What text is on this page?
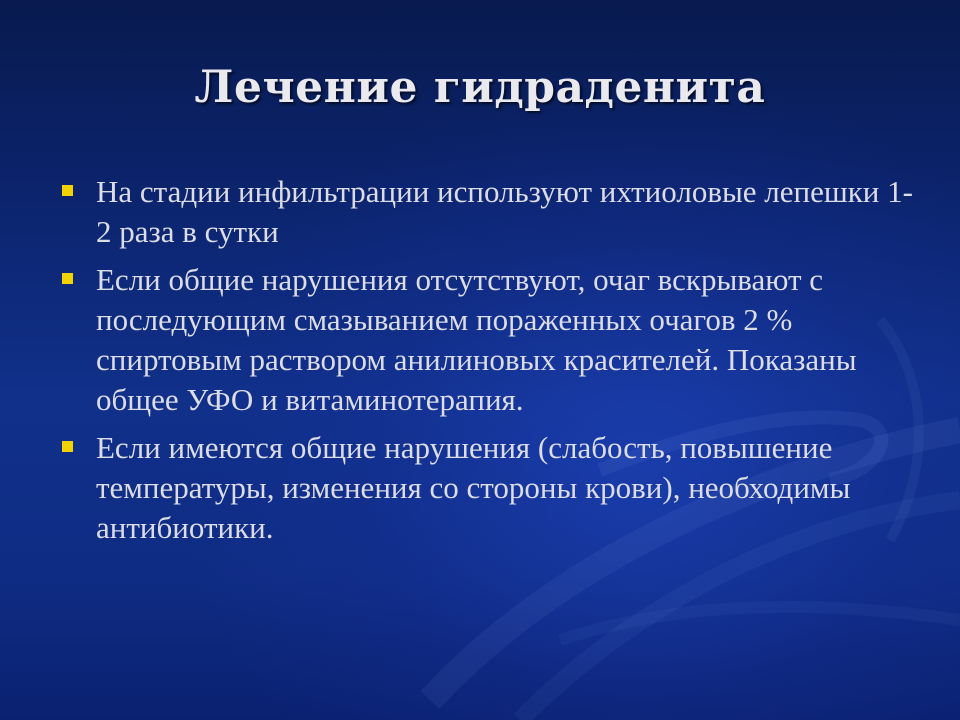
Лечение гидраденита
На стадии инфильтрации используют ихтиоловые лепешки 1-2 раза в сутки
Если общие нарушения отсутствуют, очаг вскрывают с последующим смазыванием пораженных очагов 2 % спиртовым раствором анилиновых красителей. Показаны общее УФО и витаминотерапия.
Если имеются общие нарушения (слабость, повышение температуры, изменения со стороны крови), необходимы антибиотики.
